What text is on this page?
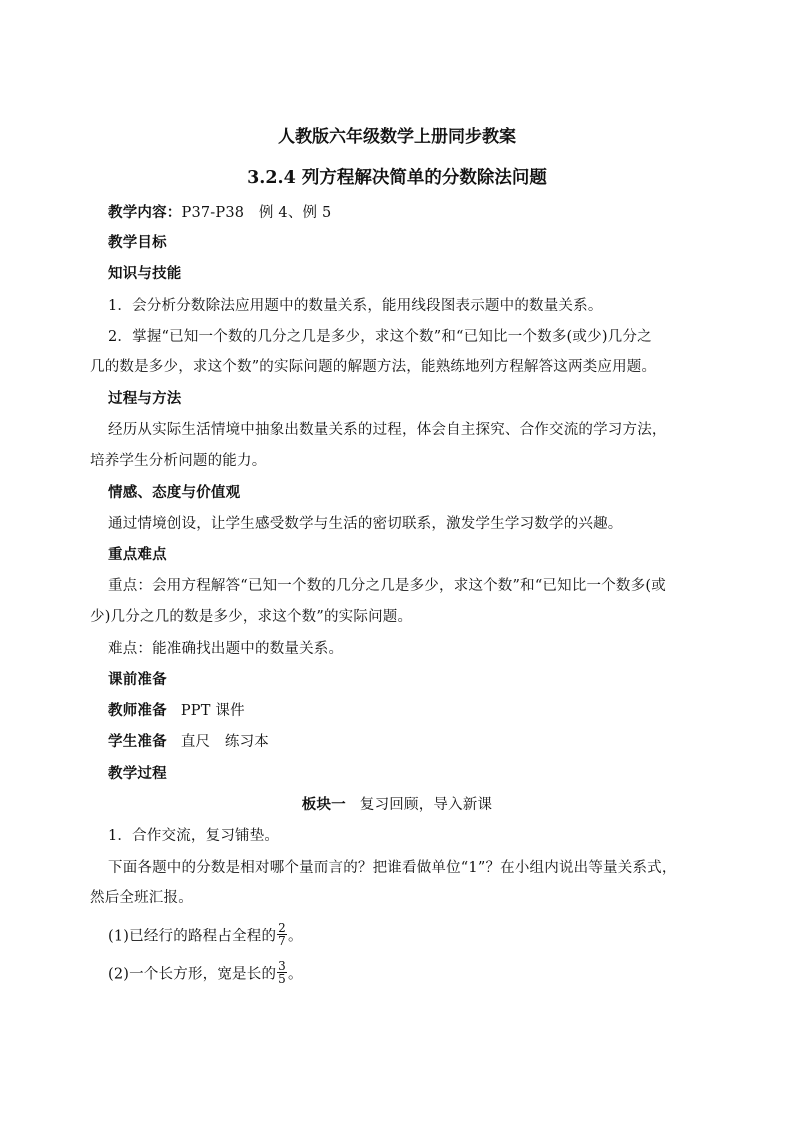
人教版六年级数学上册同步教案
3.2.4 列方程解决简单的分数除法问题
教学内容：P37-P38　例 4、例 5
教学目标
知识与技能
1．会分析分数除法应用题中的数量关系，能用线段图表示题中的数量关系。
2．掌握“已知一个数的几分之几是多少，求这个数”和“已知比一个数多(或少)几分之
几的数是多少，求这个数”的实际问题的解题方法，能熟练地列方程解答这两类应用题。
过程与方法
经历从实际生活情境中抽象出数量关系的过程，体会自主探究、合作交流的学习方法，
培养学生分析问题的能力。
情感、态度与价值观
通过情境创设，让学生感受数学与生活的密切联系，激发学生学习数学的兴趣。
重点难点
重点：会用方程解答“已知一个数的几分之几是多少，求这个数”和“已知比一个数多(或
少)几分之几的数是多少，求这个数”的实际问题。
难点：能准确找出题中的数量关系。
课前准备
教师准备 PPT 课件
学生准备 直尺　练习本
教学过程
板块一 复习回顾，导入新课
1．合作交流，复习铺垫。
下面各题中的分数是相对哪个量而言的？把谁看做单位“1”？在小组内说出等量关系式，
然后全班汇报。
(1)已经行的路程占全程的 $\frac{2}{7}$ 。
(2)一个长方形，宽是长的 $\frac{3}{5}$ 。
